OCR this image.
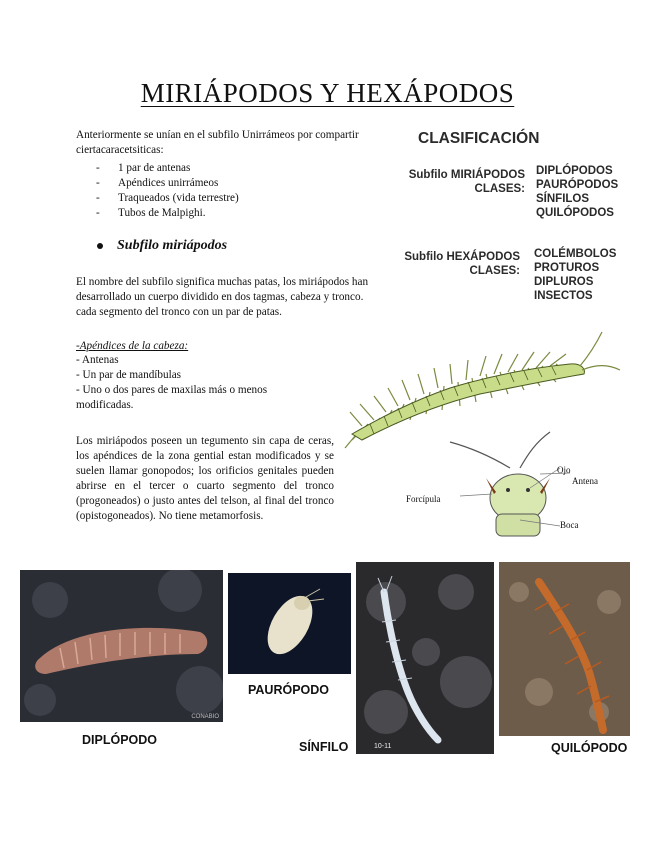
MIRIÁPODOS Y HEXÁPODOS
Anteriormente se unían en el subfilo Unirrámeos por compartir ciertacaracetsiticas:
- 1 par de antenas
- Apéndices unirrámeos
- Traqueados (vida terrestre)
- Tubos de Malpighi.
Subfilo miriápodos
El nombre del subfilo significa muchas patas, los miriápodos han desarrollado un cuerpo dividido en dos tagmas, cabeza y tronco. cada segmento del tronco con un par de patas.
-Apéndices de la cabeza:
- Antenas
- Un par de mandíbulas
- Uno o dos pares de maxilas más o menos modificadas.
Los miriápodos poseen un tegumento sin capa de ceras, los apéndices de la zona gential estan modificados y se suelen llamar gonopodos; los orificios genitales pueden abrirse en el tercer o cuarto segmento del tronco (progoneados) o justo antes del telson, al final del tronco (opistogoneados). No tiene metamorfosis.
CLASIFICACIÓN
Subfilo MIRIÁPODOS
CLASES:
DIPLÓPODOS
PAURÓPODOS
SÍNFILOS
QUILÓPODOS
Subfilo HEXÁPODOS
CLASES:
COLÉMBOLOS
PROTUROS
DIPLUROS
INSECTOS
Ojo
Antena
Forcípula
Boca
CONABIO
DIPLÓPODO
PAURÓPODO
10-11
SÍNFILO	QUILÓPODO
